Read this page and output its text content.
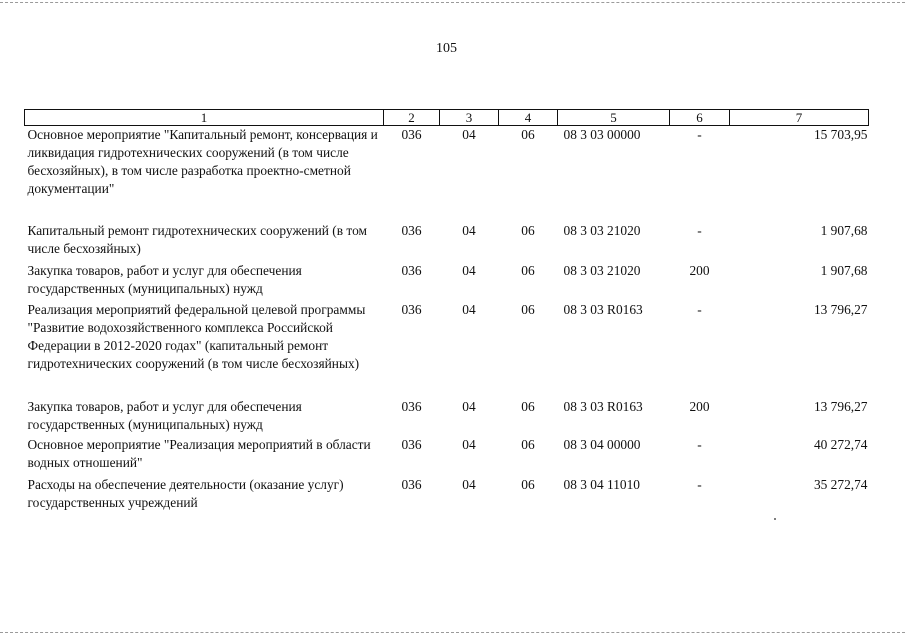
105
1	2	3	4	5	6	7
Основное мероприятие "Капитальный ремонт, консервация и ликвидация гидротехнических сооружений (в том числе бесхозяйных), в том числе разработка проектно-сметной документации"	036	04	06	08 3 03 00000	-	15 703,95
Капитальный ремонт гидротехнических сооружений (в том числе бесхозяйных)	036	04	06	08 3 03 21020	-	1 907,68
Закупка товаров, работ и услуг для обеспечения государственных (муниципальных) нужд	036	04	06	08 3 03 21020	200	1 907,68
Реализация мероприятий федеральной целевой программы "Развитие водохозяйственного комплекса Российской Федерации в 2012-2020 годах" (капитальный ремонт гидротехнических сооружений (в том числе бесхозяйных)	036	04	06	08 3 03 R0163	-	13 796,27
Закупка товаров, работ и услуг для обеспечения государственных (муниципальных) нужд	036	04	06	08 3 03 R0163	200	13 796,27
Основное мероприятие "Реализация мероприятий в области водных отношений"	036	04	06	08 3 04 00000	-	40 272,74
Расходы на обеспечение деятельности (оказание услуг) государственных учреждений	036	04	06	08 3 04 11010	-	35 272,74
